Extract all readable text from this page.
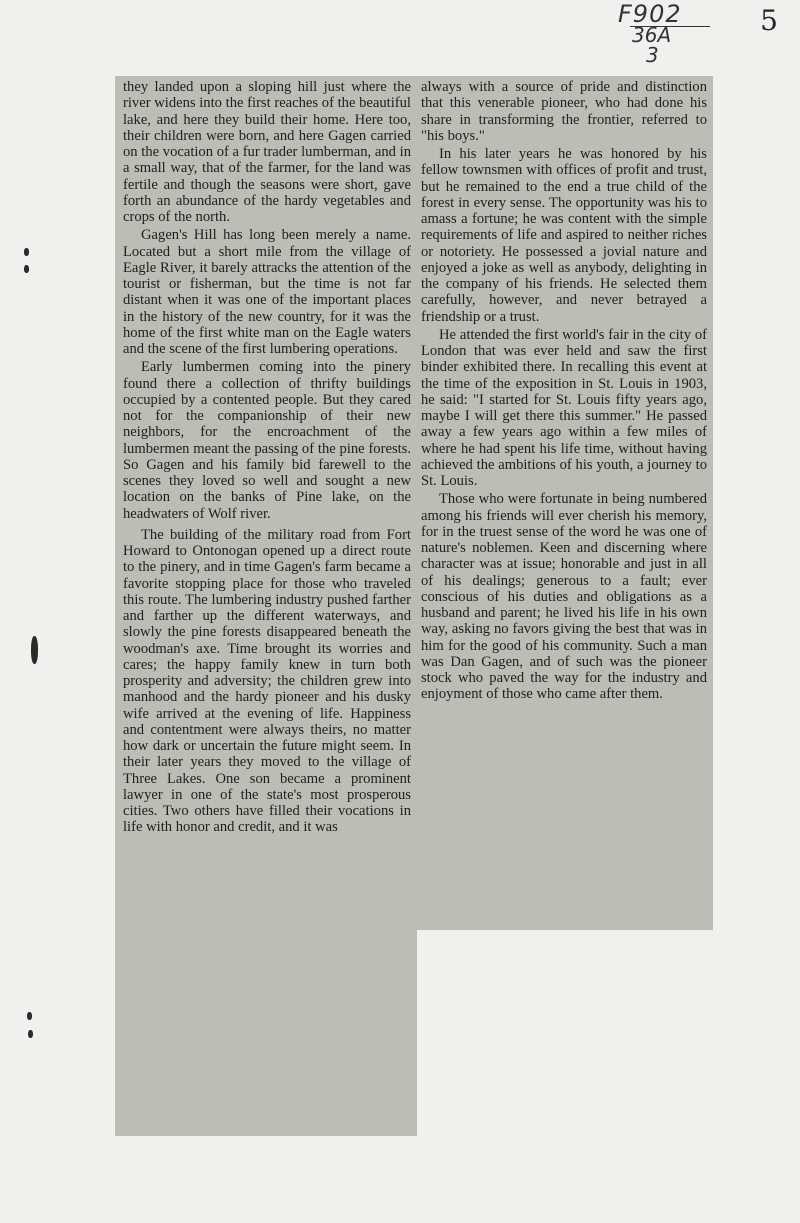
5
F902
36A
3

they landed upon a sloping hill just where the river widens into the first reaches of the beautiful lake, and here they build their home. Here too, their children were born, and here Gagen carried on the vocation of a fur trader lumberman, and in a small way, that of the farmer, for the land was fertile and though the seasons were short, gave forth an abundance of the hardy vegetables and crops of the north.

Gagen's Hill has long been merely a name. Located but a short mile from the village of Eagle River, it barely attracks the attention of the tourist or fisherman, but the time is not far distant when it was one of the important places in the history of the new country, for it was the home of the first white man on the Eagle waters and the scene of the first lumbering operations.

Early lumbermen coming into the pinery found there a collection of thrifty buildings occupied by a contented people. But they cared not for the companionship of their new neighbors, for the encroachment of the lumbermen meant the passing of the pine forests. So Gagen and his family bid farewell to the scenes they loved so well and sought a new location on the banks of Pine lake, on the headwaters of Wolf river.

The building of the military road from Fort Howard to Ontonogan opened up a direct route to the pinery, and in time Gagen's farm became a favorite stopping place for those who traveled this route. The lumbering industry pushed farther and farther up the different waterways, and slowly the pine forests disappeared beneath the woodman's axe. Time brought its worries and cares; the happy family knew in turn both prosperity and adversity; the children grew into manhood and the hardy pioneer and his dusky wife arrived at the evening of life. Happiness and contentment were always theirs, no matter how dark or uncertain the future might seem. In their later years they moved to the village of Three Lakes. One son became a prominent lawyer in one of the state's most prosperous cities. Two others have filled their vocations in life with honor and credit, and it was

always with a source of pride and distinction that this venerable pioneer, who had done his share in transforming the frontier, referred to "his boys."

In his later years he was honored by his fellow townsmen with offices of profit and trust, but he remained to the end a true child of the forest in every sense. The opportunity was his to amass a fortune; he was content with the simple requirements of life and aspired to neither riches or notoriety. He possessed a jovial nature and enjoyed a joke as well as anybody, delighting in the company of his friends. He selected them carefully, however, and never betrayed a friendship or a trust.

He attended the first world's fair in the city of London that was ever held and saw the first binder exhibited there. In recalling this event at the time of the exposition in St. Louis in 1903, he said: "I started for St. Louis fifty years ago, maybe I will get there this summer." He passed away a few years ago within a few miles of where he had spent his life time, without having achieved the ambitions of his youth, a journey to St. Louis.

Those who were fortunate in being numbered among his friends will ever cherish his memory, for in the truest sense of the word he was one of nature's noblemen. Keen and discerning where character was at issue; honorable and just in all of his dealings; generous to a fault; ever conscious of his duties and obligations as a husband and parent; he lived his life in his own way, asking no favors giving the best that was in him for the good of his community. Such a man was Dan Gagen, and of such was the pioneer stock who paved the way for the industry and enjoyment of those who came after them.
